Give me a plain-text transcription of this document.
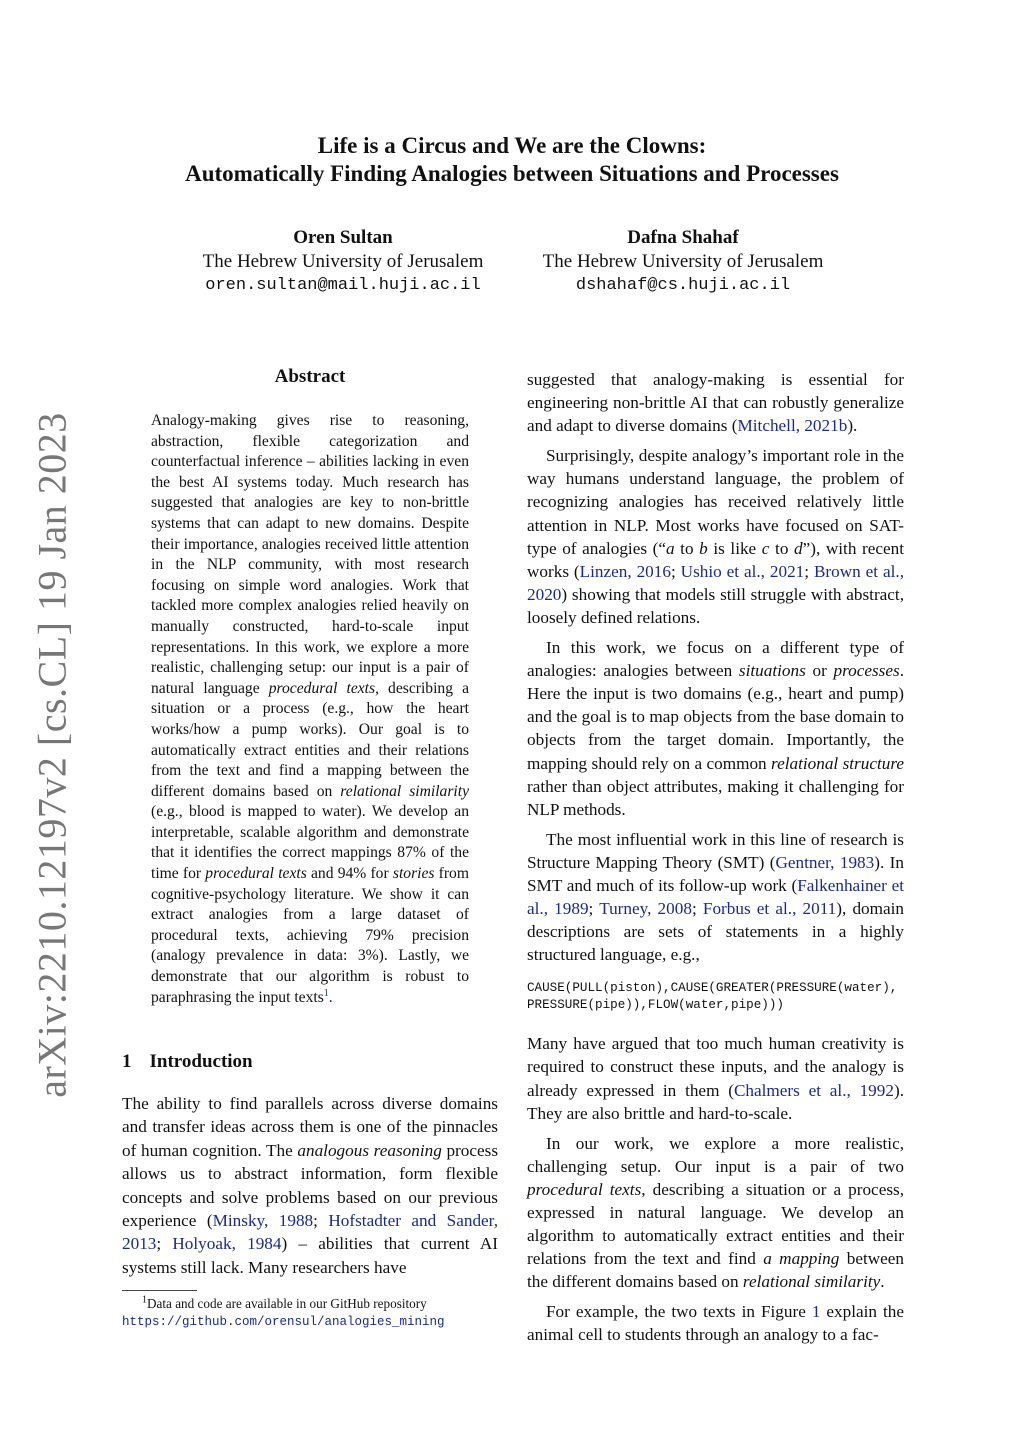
arXiv:2210.12197v2 [cs.CL] 19 Jan 2023
Life is a Circus and We are the Clowns:
Automatically Finding Analogies between Situations and Processes
Oren Sultan
The Hebrew University of Jerusalem
oren.sultan@mail.huji.ac.il
Dafna Shahaf
The Hebrew University of Jerusalem
dshahaf@cs.huji.ac.il
Abstract
Analogy-making gives rise to reasoning, abstraction, flexible categorization and counterfactual inference – abilities lacking in even the best AI systems today. Much research has suggested that analogies are key to non-brittle systems that can adapt to new domains. Despite their importance, analogies received little attention in the NLP community, with most research focusing on simple word analogies. Work that tackled more complex analogies relied heavily on manually constructed, hard-to-scale input representations. In this work, we explore a more realistic, challenging setup: our input is a pair of natural language procedural texts, describing a situation or a process (e.g., how the heart works/how a pump works). Our goal is to automatically extract entities and their relations from the text and find a mapping between the different domains based on relational similarity (e.g., blood is mapped to water). We develop an interpretable, scalable algorithm and demonstrate that it identifies the correct mappings 87% of the time for procedural texts and 94% for stories from cognitive-psychology literature. We show it can extract analogies from a large dataset of procedural texts, achieving 79% precision (analogy prevalence in data: 3%). Lastly, we demonstrate that our algorithm is robust to paraphrasing the input texts$^1$.
1 Introduction
The ability to find parallels across diverse domains and transfer ideas across them is one of the pinnacles of human cognition. The analogous reasoning process allows us to abstract information, form flexible concepts and solve problems based on our previous experience (Minsky, 1988; Hofstadter and Sander, 2013; Holyoak, 1984) – abilities that current AI systems still lack. Many researchers have
$^1$Data and code are available in our GitHub repository
https://github.com/orensul/analogies_mining

suggested that analogy-making is essential for engineering non-brittle AI that can robustly generalize and adapt to diverse domains (Mitchell, 2021b).

Surprisingly, despite analogy’s important role in the way humans understand language, the problem of recognizing analogies has received relatively little attention in NLP. Most works have focused on SAT-type of analogies (“a to b is like c to d”), with recent works (Linzen, 2016; Ushio et al., 2021; Brown et al., 2020) showing that models still struggle with abstract, loosely defined relations.

In this work, we focus on a different type of analogies: analogies between situations or processes. Here the input is two domains (e.g., heart and pump) and the goal is to map objects from the base domain to objects from the target domain. Importantly, the mapping should rely on a common relational structure rather than object attributes, making it challenging for NLP methods.

The most influential work in this line of research is Structure Mapping Theory (SMT) (Gentner, 1983). In SMT and much of its follow-up work (Falkenhainer et al., 1989; Turney, 2008; Forbus et al., 2011), domain descriptions are sets of statements in a highly structured language, e.g.,

CAUSE(PULL(piston),CAUSE(GREATER(PRESSURE(water),
PRESSURE(pipe)),FLOW(water,pipe)))

Many have argued that too much human creativity is required to construct these inputs, and the analogy is already expressed in them (Chalmers et al., 1992). They are also brittle and hard-to-scale.

In our work, we explore a more realistic, challenging setup. Our input is a pair of two procedural texts, describing a situation or a process, expressed in natural language. We develop an algorithm to automatically extract entities and their relations from the text and find a mapping between the different domains based on relational similarity.

For example, the two texts in Figure 1 explain the animal cell to students through an analogy to a fac-
